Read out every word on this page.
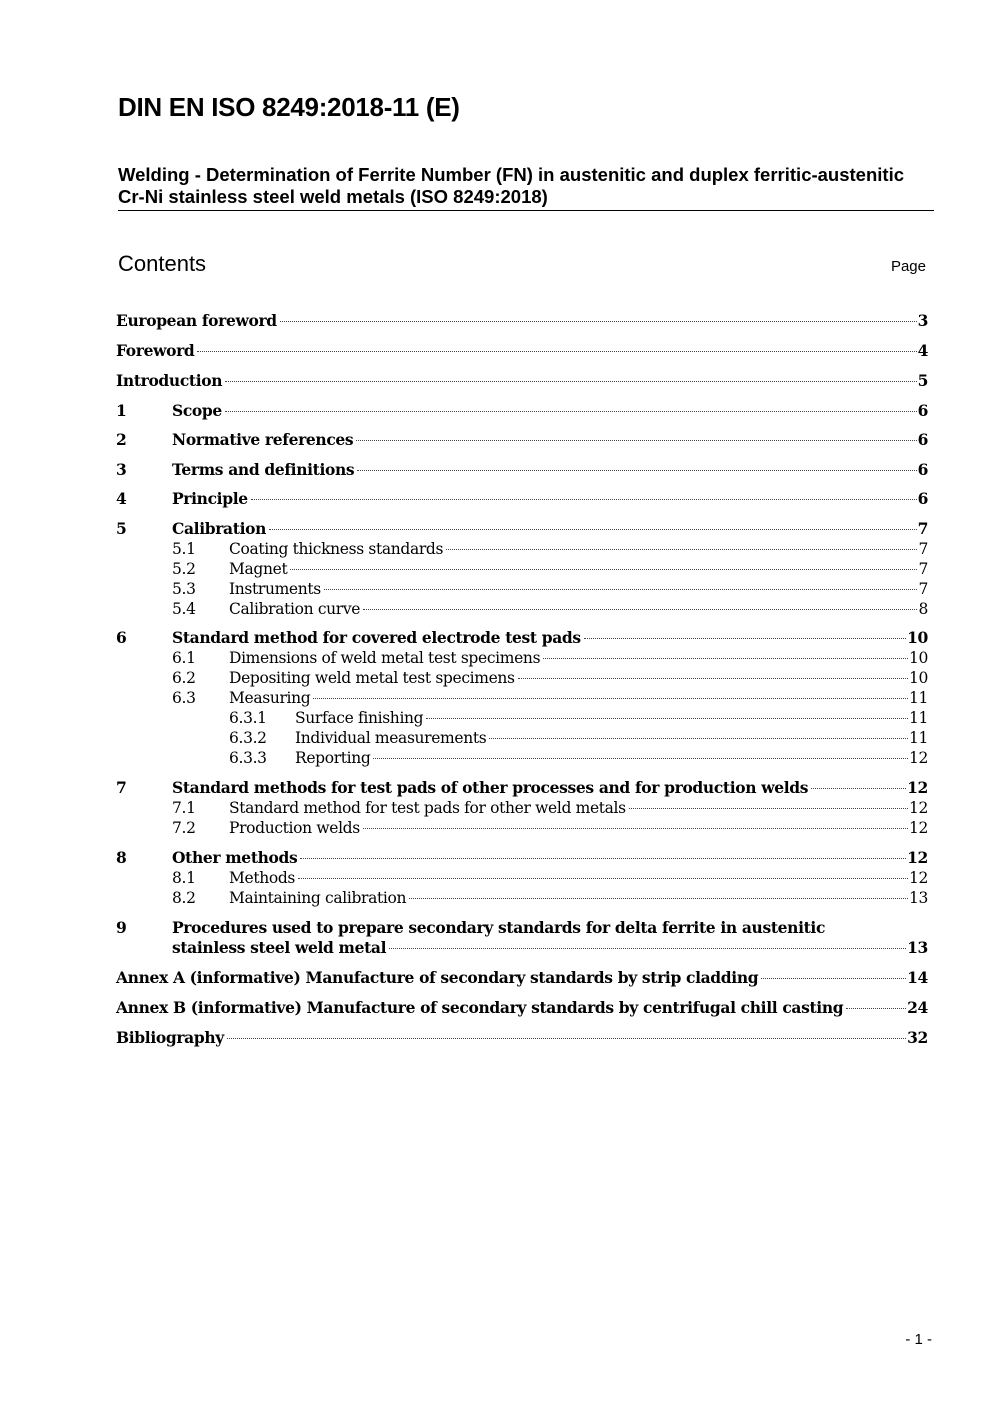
DIN EN ISO 8249:2018-11 (E)
Welding - Determination of Ferrite Number (FN) in austenitic and duplex ferritic-austenitic Cr-Ni stainless steel weld metals (ISO 8249:2018)
Contents	Page
European foreword	3
Foreword	4
Introduction	5
1	Scope	6
2	Normative references	6
3	Terms and definitions	6
4	Principle	6
5	Calibration	7
5.1 Coating thickness standards	7
5.2 Magnet	7
5.3 Instruments	7
5.4 Calibration curve	8
6	Standard method for covered electrode test pads	10
6.1 Dimensions of weld metal test specimens	10
6.2 Depositing weld metal test specimens	10
6.3 Measuring	11
6.3.1 Surface finishing	11
6.3.2 Individual measurements	11
6.3.3 Reporting	12
7	Standard methods for test pads of other processes and for production welds	12
7.1 Standard method for test pads for other weld metals	12
7.2 Production welds	12
8	Other methods	12
8.1 Methods	12
8.2 Maintaining calibration	13
9	Procedures used to prepare secondary standards for delta ferrite in austenitic
stainless steel weld metal	13
Annex A (informative) Manufacture of secondary standards by strip cladding	14
Annex B (informative) Manufacture of secondary standards by centrifugal chill casting	24
Bibliography	32
- 1 -
